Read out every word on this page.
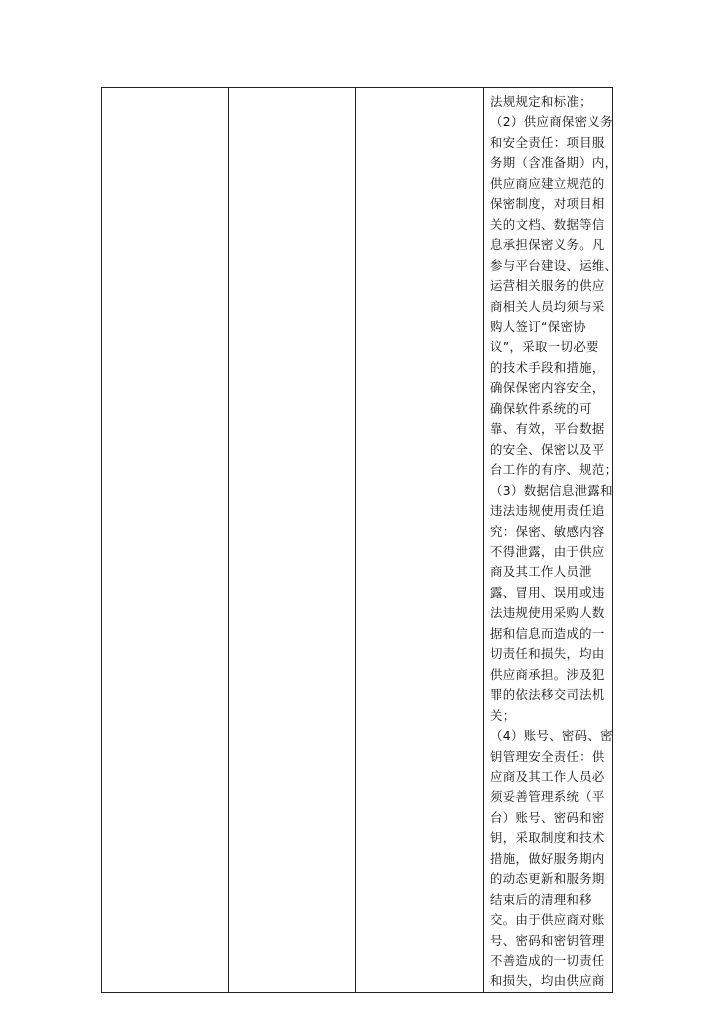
法规规定和标准；
（2）供应商保密义务
和安全责任：项目服
务期（含准备期）内，
供应商应建立规范的
保密制度，对项目相
关的文档、数据等信
息承担保密义务。凡
参与平台建设、运维、
运营相关服务的供应
商相关人员均须与采
购人签订“保密协
议”，采取一切必要
的技术手段和措施，
确保保密内容安全，
确保软件系统的可
靠、有效，平台数据
的安全、保密以及平
台工作的有序、规范；
（3）数据信息泄露和
违法违规使用责任追
究：保密、敏感内容
不得泄露，由于供应
商及其工作人员泄
露、冒用、误用或违
法违规使用采购人数
据和信息而造成的一
切责任和损失，均由
供应商承担。涉及犯
罪的依法移交司法机
关；
（4）账号、密码、密
钥管理安全责任：供
应商及其工作人员必
须妥善管理系统（平
台）账号、密码和密
钥，采取制度和技术
措施，做好服务期内
的动态更新和服务期
结束后的清理和移
交。由于供应商对账
号、密码和密钥管理
不善造成的一切责任
和损失，均由供应商
